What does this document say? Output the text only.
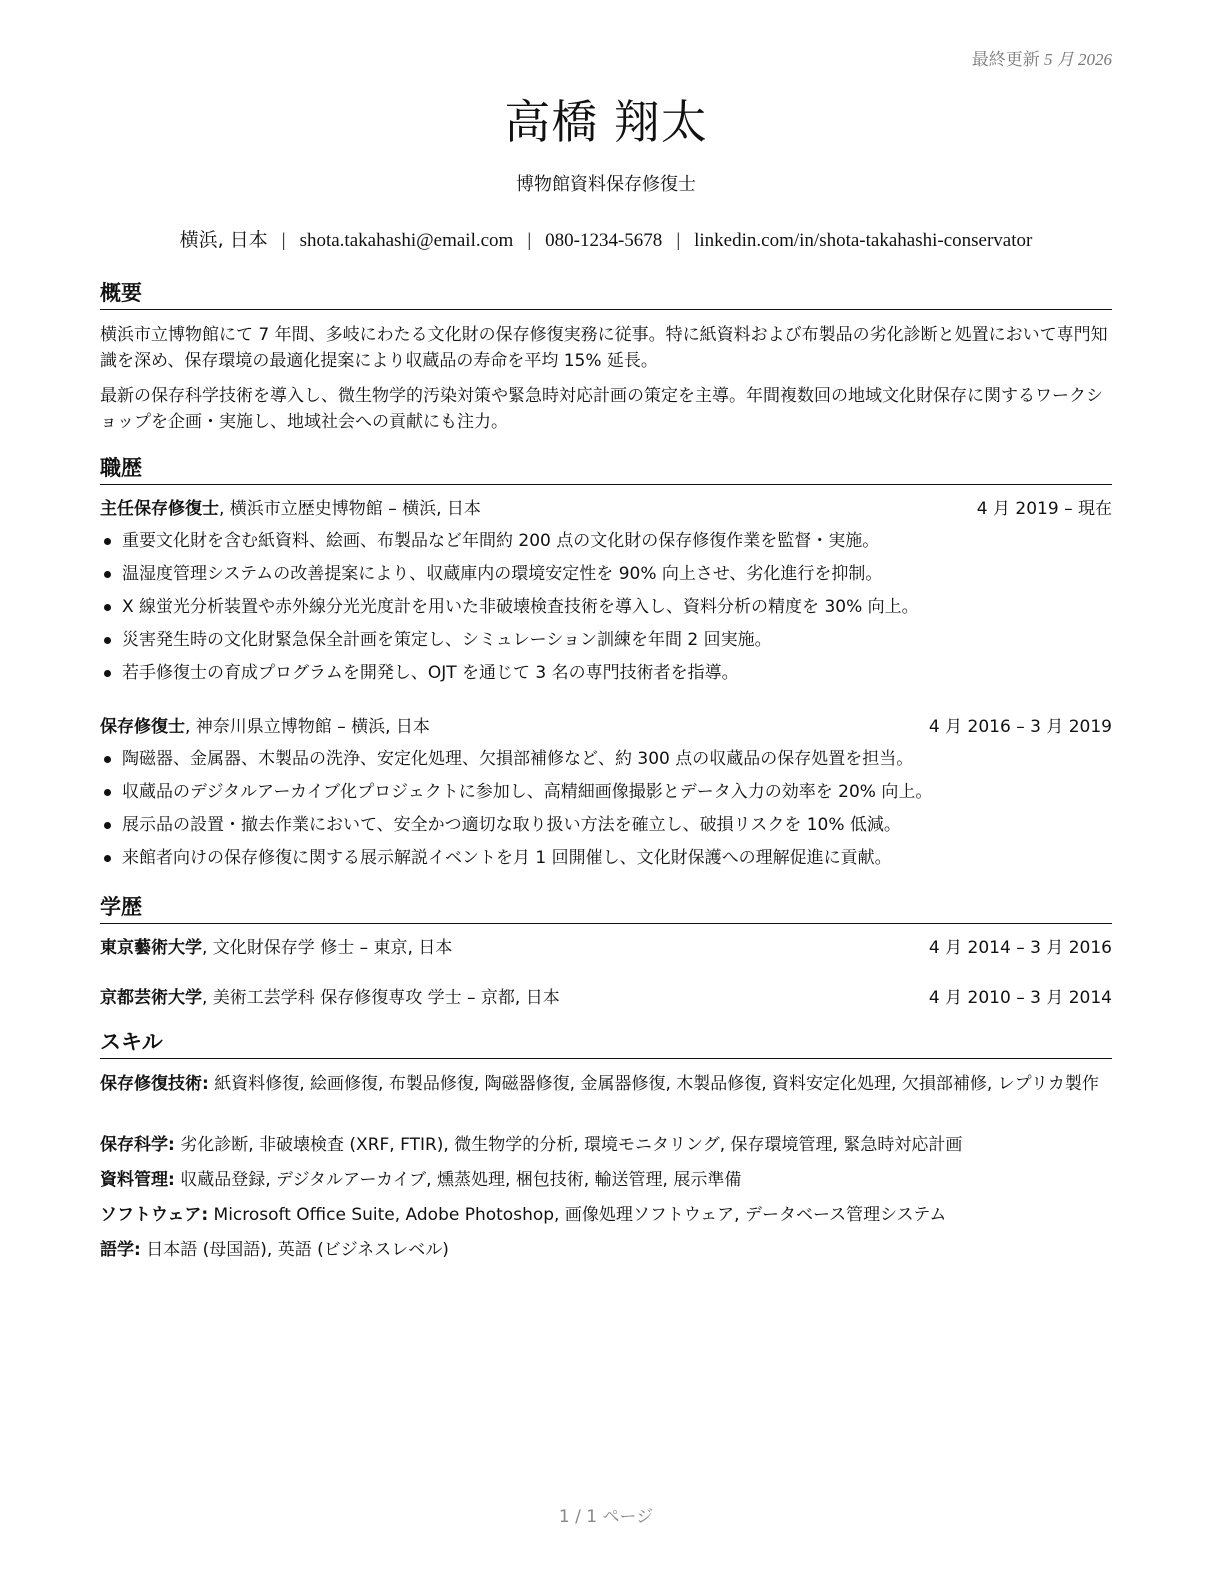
最終更新 5 月 2026
高橋 翔太
博物館資料保存修復士
横浜, 日本 | shota.takahashi@email.com | 080-1234-5678 | linkedin.com/in/shota-takahashi-conservator
概要

横浜市立博物館にて 7 年間、多岐にわたる文化財の保存修復実務に従事。特に紙資料および布製品の劣化診断と処置において専門知識を深め、保存環境の最適化提案により収蔵品の寿命を平均 15% 延長。

最新の保存科学技術を導入し、微生物学的汚染対策や緊急時対応計画の策定を主導。年間複数回の地域文化財保存に関するワークショップを企画・実施し、地域社会への貢献にも注力。

職歴
主任保存修復士, 横浜市立歴史博物館 – 横浜, 日本	4 月 2019 – 現在
重要文化財を含む紙資料、絵画、布製品など年間約 200 点の文化財の保存修復作業を監督・実施。
温湿度管理システムの改善提案により、収蔵庫内の環境安定性を 90% 向上させ、劣化進行を抑制。
X 線蛍光分析装置や赤外線分光光度計を用いた非破壊検査技術を導入し、資料分析の精度を 30% 向上。
災害発生時の文化財緊急保全計画を策定し、シミュレーション訓練を年間 2 回実施。
若手修復士の育成プログラムを開発し、OJT を通じて 3 名の専門技術者を指導。
保存修復士, 神奈川県立博物館 – 横浜, 日本	4 月 2016 – 3 月 2019
陶磁器、金属器、木製品の洗浄、安定化処理、欠損部補修など、約 300 点の収蔵品の保存処置を担当。
収蔵品のデジタルアーカイブ化プロジェクトに参加し、高精細画像撮影とデータ入力の効率を 20% 向上。
展示品の設置・撤去作業において、安全かつ適切な取り扱い方法を確立し、破損リスクを 10% 低減。
来館者向けの保存修復に関する展示解説イベントを月 1 回開催し、文化財保護への理解促進に貢献。
学歴
東京藝術大学, 文化財保存学 修士 – 東京, 日本	4 月 2014 – 3 月 2016
京都芸術大学, 美術工芸学科 保存修復専攻 学士 – 京都, 日本	4 月 2010 – 3 月 2014
スキル
保存修復技術: 紙資料修復, 絵画修復, 布製品修復, 陶磁器修復, 金属器修復, 木製品修復, 資料安定化処理, 欠損部補修, レプリカ製作
保存科学: 劣化診断, 非破壊検査 (XRF, FTIR), 微生物学的分析, 環境モニタリング, 保存環境管理, 緊急時対応計画
資料管理: 収蔵品登録, デジタルアーカイブ, 燻蒸処理, 梱包技術, 輸送管理, 展示準備
ソフトウェア: Microsoft Office Suite, Adobe Photoshop, 画像処理ソフトウェア, データベース管理システム
語学: 日本語 (母国語), 英語 (ビジネスレベル)
1 / 1 ページ
